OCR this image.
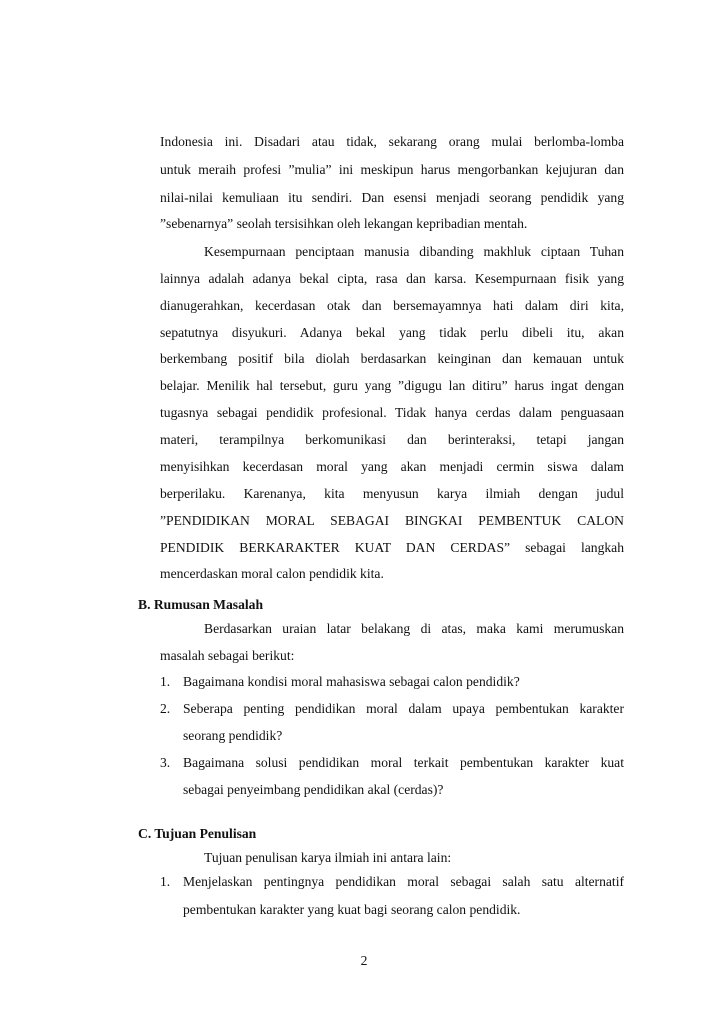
Indonesia ini. Disadari atau tidak, sekarang orang mulai berlomba-lomba
untuk meraih profesi ”mulia” ini meskipun harus mengorbankan kejujuran dan
nilai-nilai kemuliaan itu sendiri. Dan esensi menjadi seorang pendidik yang
”sebenarnya” seolah tersisihkan oleh lekangan kepribadian mentah.
Kesempurnaan penciptaan manusia dibanding makhluk ciptaan Tuhan
lainnya adalah adanya bekal cipta, rasa dan karsa. Kesempurnaan fisik yang
dianugerahkan, kecerdasan otak dan bersemayamnya hati dalam diri kita,
sepatutnya disyukuri. Adanya bekal yang tidak perlu dibeli itu, akan
berkembang positif bila diolah berdasarkan keinginan dan kemauan untuk
belajar. Menilik hal tersebut, guru yang ”digugu lan ditiru” harus ingat dengan
tugasnya sebagai pendidik profesional. Tidak hanya cerdas dalam penguasaan
materi, terampilnya berkomunikasi dan berinteraksi, tetapi jangan
menyisihkan kecerdasan moral yang akan menjadi cermin siswa dalam
berperilaku. Karenanya, kita menyusun karya ilmiah dengan judul
”PENDIDIKAN MORAL SEBAGAI BINGKAI PEMBENTUK CALON
PENDIDIK BERKARAKTER KUAT DAN CERDAS” sebagai langkah
mencerdaskan moral calon pendidik kita.
B. Rumusan Masalah
Berdasarkan uraian latar belakang di atas, maka kami merumuskan
masalah sebagai berikut:
1. Bagaimana kondisi moral mahasiswa sebagai calon pendidik?
2. Seberapa penting pendidikan moral dalam upaya pembentukan karakter
seorang pendidik?
3. Bagaimana solusi pendidikan moral terkait pembentukan karakter kuat
sebagai penyeimbang pendidikan akal (cerdas)?
C. Tujuan Penulisan
2
Tujuan penulisan karya ilmiah ini antara lain:
1. Menjelaskan pentingnya pendidikan moral sebagai salah satu alternatif
pembentukan karakter yang kuat bagi seorang calon pendidik.
